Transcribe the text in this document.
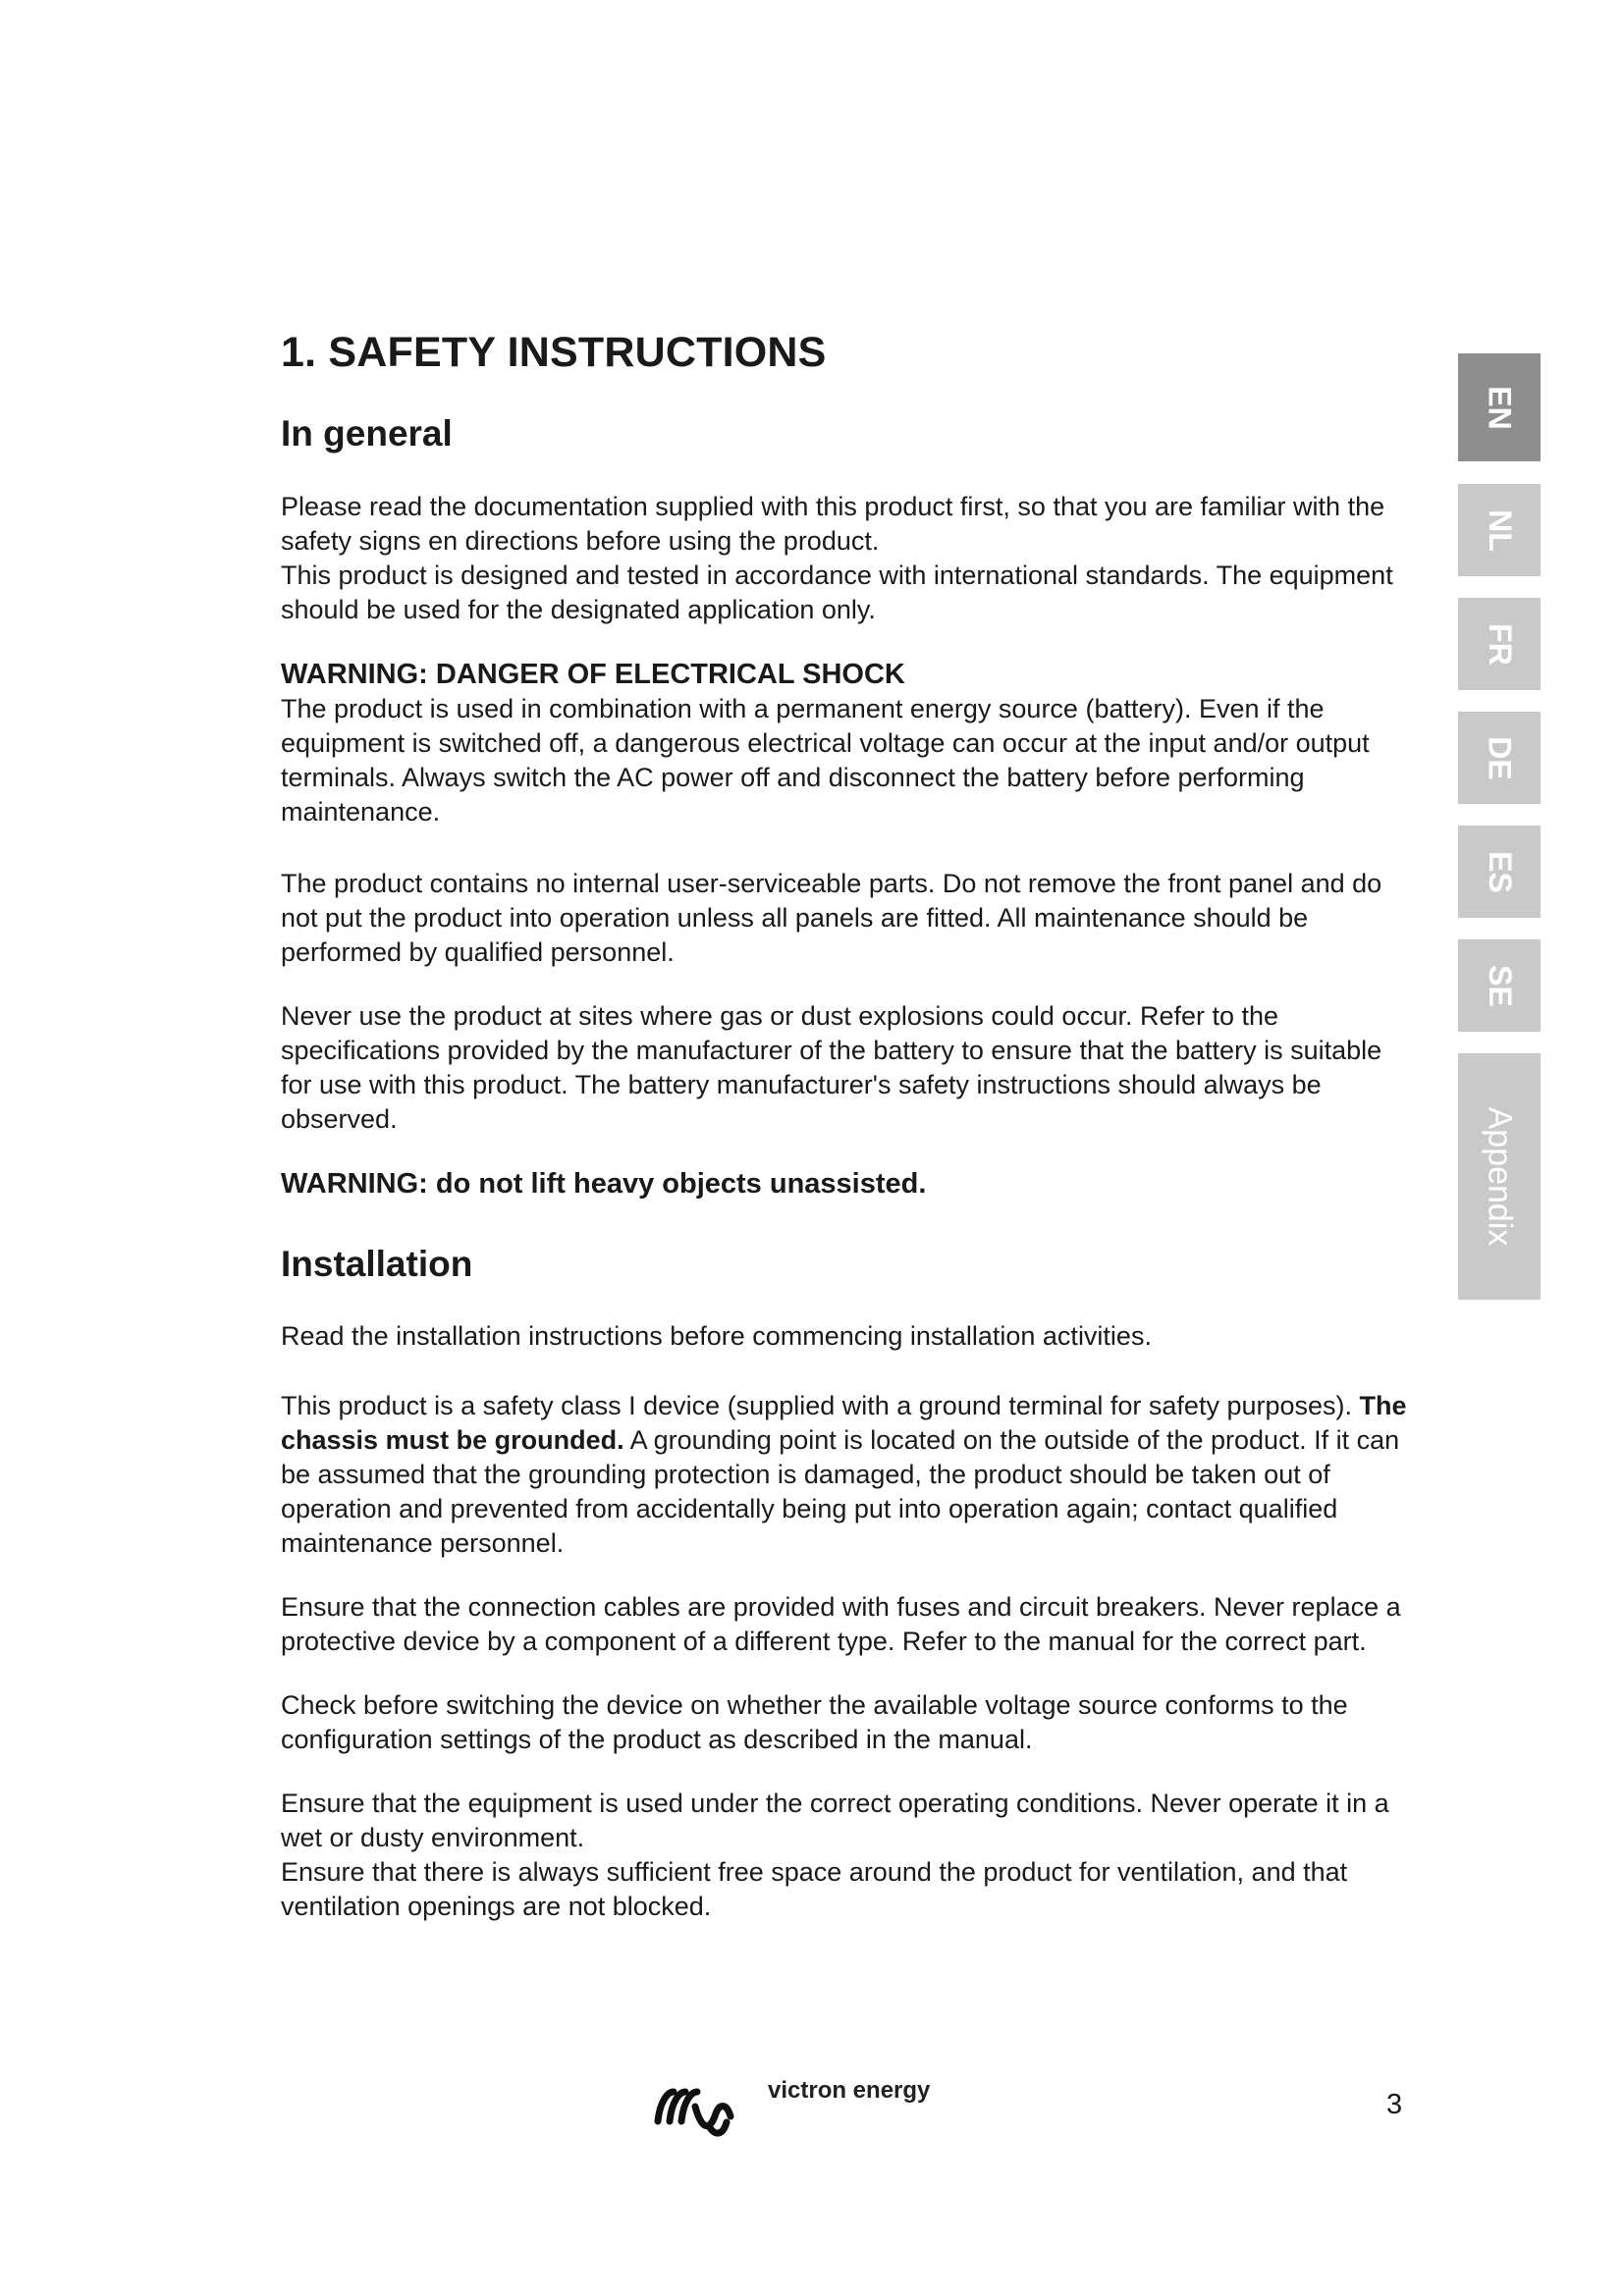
1. SAFETY INSTRUCTIONS
In general

Please read the documentation supplied with this product first, so that you are familiar with the safety signs en directions before using the product.

This product is designed and tested in accordance with international standards. The equipment should be used for the designated application only.

WARNING: DANGER OF ELECTRICAL SHOCK

The product is used in combination with a permanent energy source (battery). Even if the equipment is switched off, a dangerous electrical voltage can occur at the input and/or output terminals. Always switch the AC power off and disconnect the battery before performing maintenance.

The product contains no internal user-serviceable parts. Do not remove the front panel and do not put the product into operation unless all panels are fitted. All maintenance should be performed by qualified personnel.

Never use the product at sites where gas or dust explosions could occur. Refer to the specifications provided by the manufacturer of the battery to ensure that the battery is suitable for use with this product. The battery manufacturer's safety instructions should always be observed.

WARNING: do not lift heavy objects unassisted.
Installation

Read the installation instructions before commencing installation activities.

This product is a safety class I device (supplied with a ground terminal for safety purposes). The chassis must be grounded. A grounding point is located on the outside of the product. If it can be assumed that the grounding protection is damaged, the product should be taken out of operation and prevented from accidentally being put into operation again; contact qualified maintenance personnel.

Ensure that the connection cables are provided with fuses and circuit breakers. Never replace a protective device by a component of a different type. Refer to the manual for the correct part.

Check before switching the device on whether the available voltage source conforms to the configuration settings of the product as described in the manual.

Ensure that the equipment is used under the correct operating conditions. Never operate it in a wet or dusty environment.

Ensure that there is always sufficient free space around the product for ventilation, and that ventilation openings are not blocked.

EN
NL
FR
DE
ES
SE
Appendix
victron energy	3
